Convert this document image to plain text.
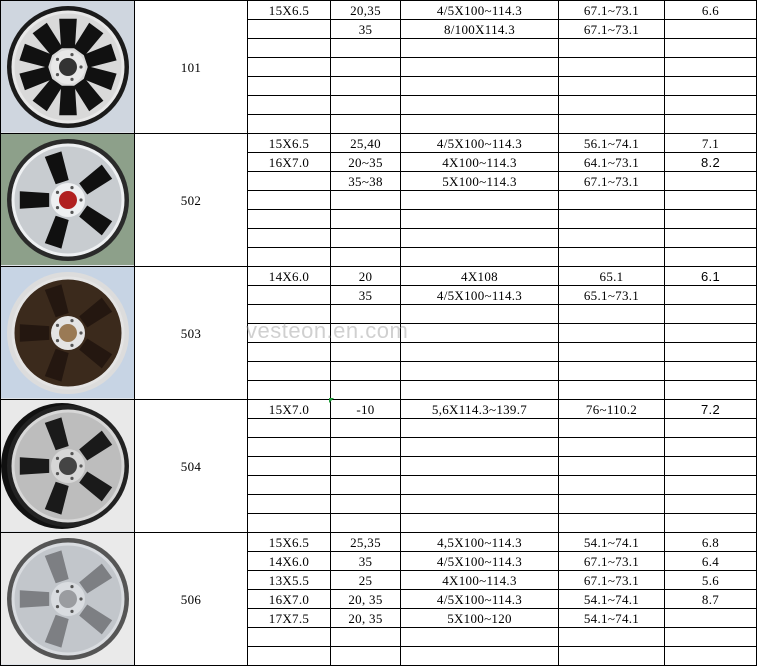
	101	15X6.5	20,35	4/5X100~114.3	67.1~73.1	6.6
			35	8/100X114.3	67.1~73.1	

	502	15X6.5	25,40	4/5X100~114.3	56.1~74.1	7.1
		16X7.0	20~35	4X100~114.3	64.1~73.1	8.2
			35~38	5X100~114.3	67.1~73.1	

	503	14X6.0	20	4X108	65.1	6.1
			35	4/5X100~114.3	65.1~73.1	

	504	15X7.0	-10	5,6X114.3~139.7	76~110.2	7.2

	506	15X6.5	25,35	4,5X100~114.3	54.1~74.1	6.8
		14X6.0	35	4/5X100~114.3	67.1~73.1	6.4
		13X5.5	25	4X100~114.3	67.1~73.1	5.6
		16X7.0	20, 35	4/5X100~114.3	54.1~74.1	8.7
		17X7.5	20, 35	5X100~120	54.1~74.1	

vesteon.en.com
